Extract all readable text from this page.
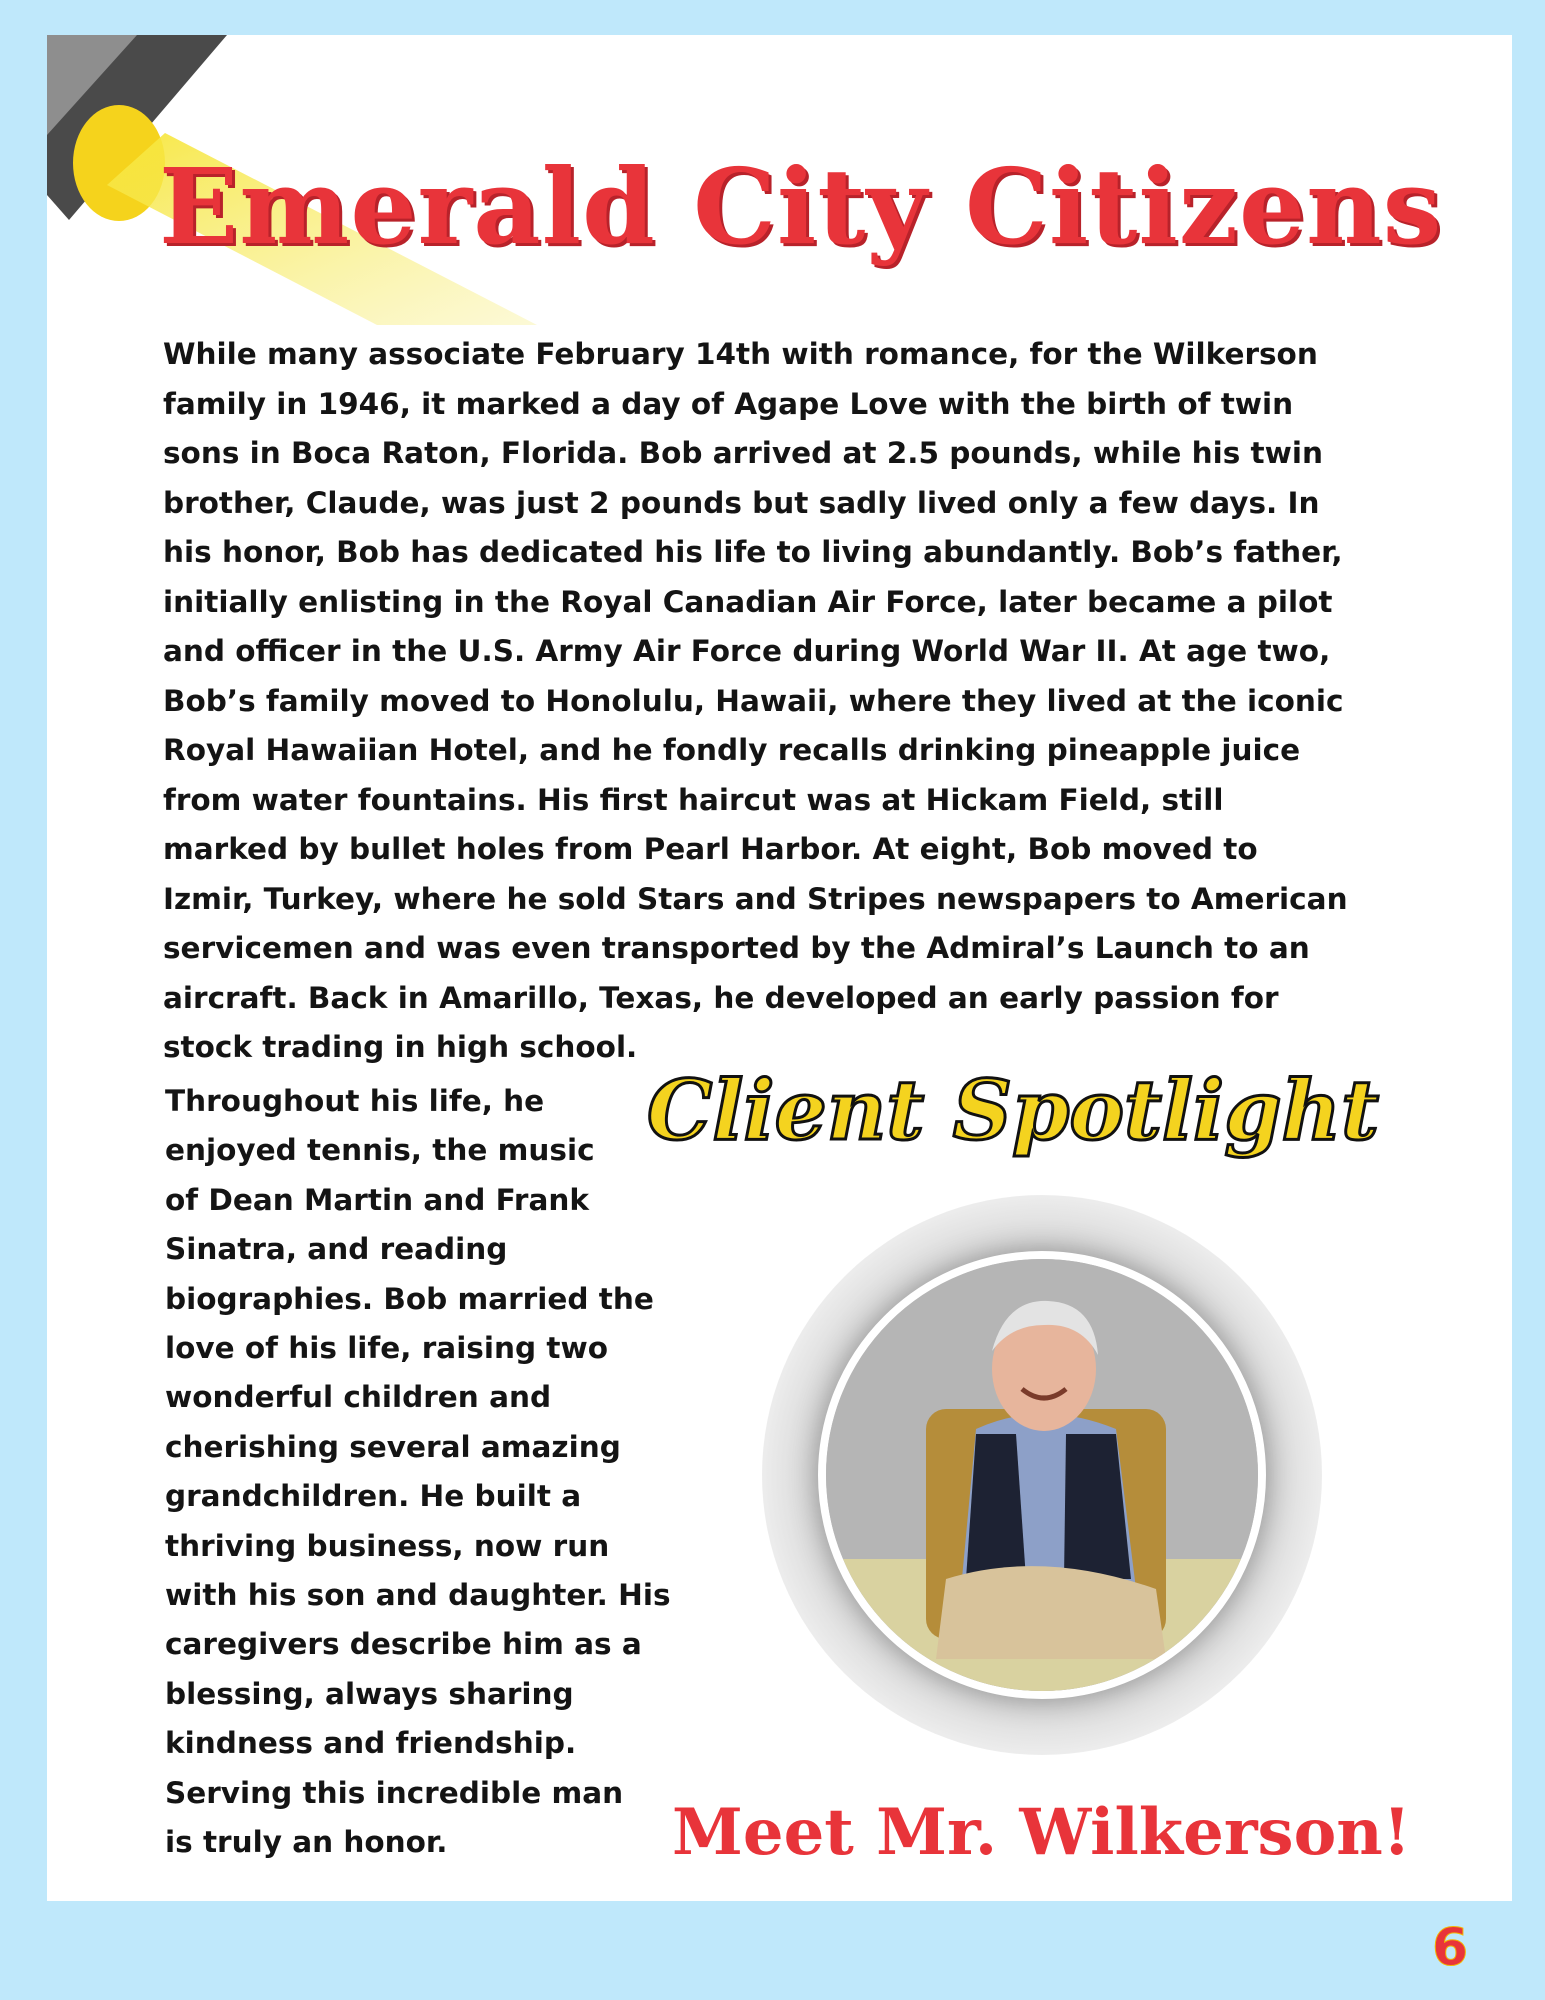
Emerald City Citizens

While many associate February 14th with romance, for the Wilkerson
family in 1946, it marked a day of Agape Love with the birth of twin
sons in Boca Raton, Florida. Bob arrived at 2.5 pounds, while his twin
brother, Claude, was just 2 pounds but sadly lived only a few days. In
his honor, Bob has dedicated his life to living abundantly. Bob’s father,
initially enlisting in the Royal Canadian Air Force, later became a pilot
and officer in the U.S. Army Air Force during World War II. At age two,
Bob’s family moved to Honolulu, Hawaii, where they lived at the iconic
Royal Hawaiian Hotel, and he fondly recalls drinking pineapple juice
from water fountains. His first haircut was at Hickam Field, still
marked by bullet holes from Pearl Harbor. At eight, Bob moved to
Izmir, Turkey, where he sold Stars and Stripes newspapers to American
servicemen and was even transported by the Admiral’s Launch to an
aircraft. Back in Amarillo, Texas, he developed an early passion for
stock trading in high school.

Throughout his life, he
enjoyed tennis, the music
of Dean Martin and Frank
Sinatra, and reading
biographies. Bob married the
love of his life, raising two
wonderful children and
cherishing several amazing
grandchildren. He built a
thriving business, now run
with his son and daughter. His
caregivers describe him as a
blessing, always sharing
kindness and friendship.
Serving this incredible man
is truly an honor.

Client Spotlight
Meet Mr. Wilkerson!
6
